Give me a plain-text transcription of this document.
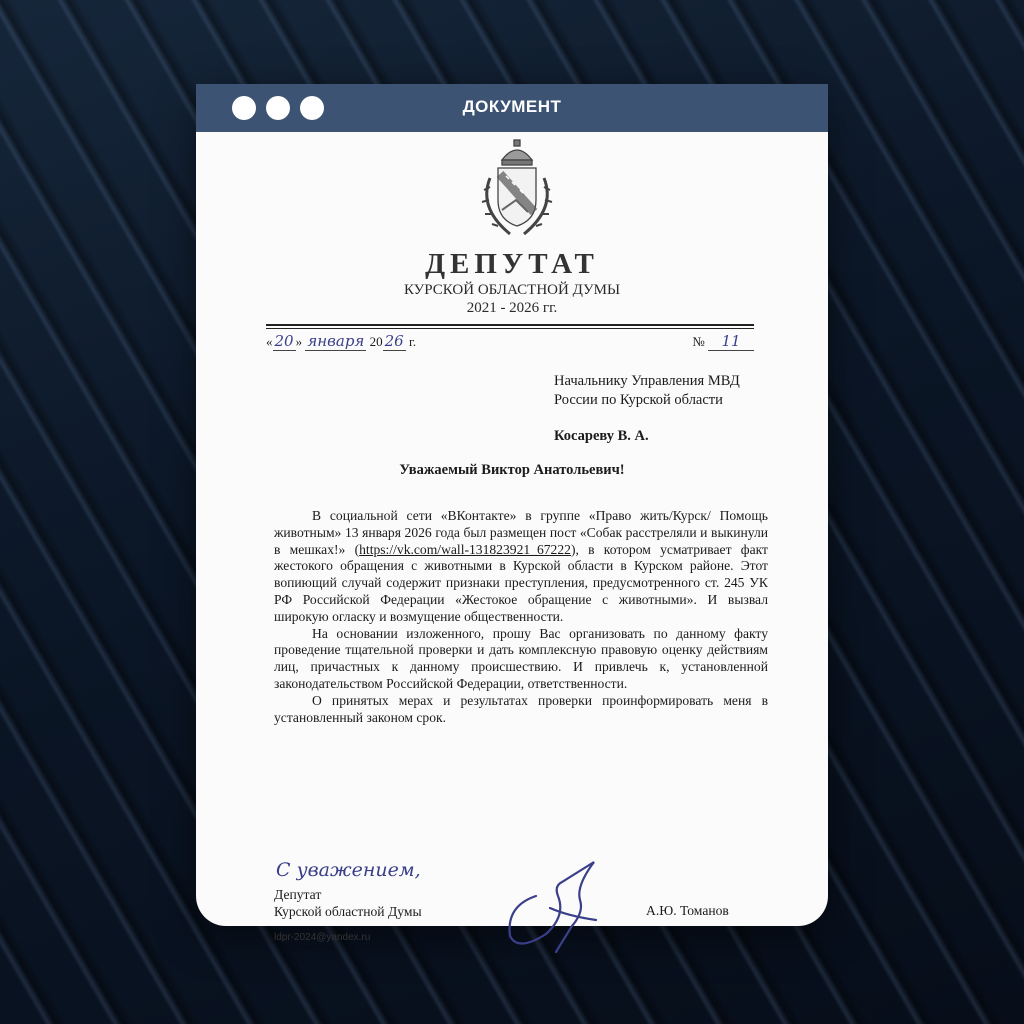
ДОКУМЕНТ
ДЕПУТАТ
КУРСКОЙ ОБЛАСТНОЙ ДУМЫ
2021 - 2026 гг.
« 20 » января 20 26 г.	№ 11
Начальнику Управления МВД
России по Курской области
Косареву В. А.
Уважаемый Виктор Анатольевич!

В социальной сети «ВКонтакте» в группе «Право жить/Курск/ Помощь животным» 13 января 2026 года был размещен пост «Собак расстреляли и выкинули в мешках!» (https://vk.com/wall-131823921_67222), в котором усматривает факт жестокого обращения с животными в Курской области в Курском районе. Этот вопиющий случай содержит признаки преступления, предусмотренного ст. 245 УК РФ Российской Федерации «Жестокое обращение с животными». И вызвал широкую огласку и возмущение общественности.

На основании изложенного, прошу Вас организовать по данному факту проведение тщательной проверки и дать комплексную правовую оценку действиям лиц, причастных к данному происшествию. И привлечь к, установленной законодательством Российской Федерации, ответственности.

О принятых мерах и результатах проверки проинформировать меня в установленный законом срок.

С уважением,
Депутат
Курской областной Думы	А.Ю. Томанов
ldpr-2024@yandex.ru
